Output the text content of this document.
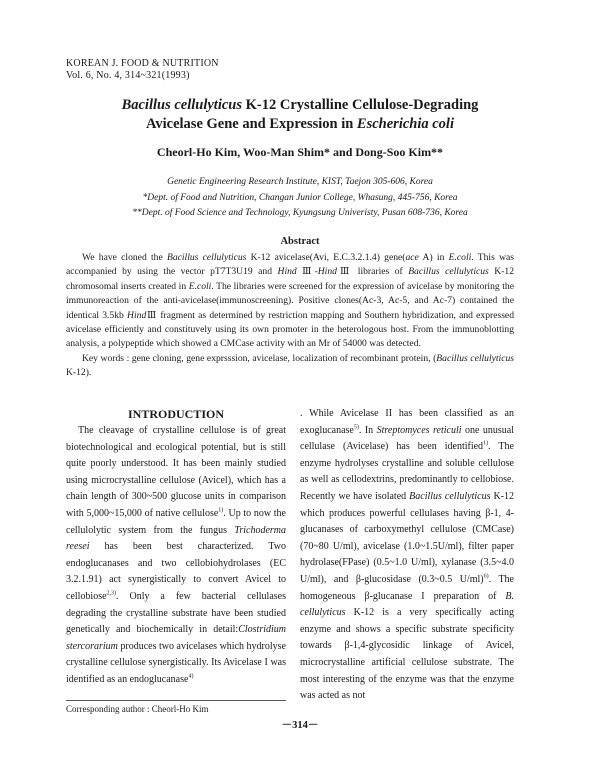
KOREAN J. FOOD & NUTRITION
Vol. 6, No. 4, 314~321(1993)
Bacillus cellulyticus K-12 Crystalline Cellulose-Degrading
Avicelase Gene and Expression in Escherichia coli
Cheorl-Ho Kim, Woo-Man Shim* and Dong-Soo Kim**
Genetic Engineering Research Institute, KIST, Taejon 305-606, Korea
*Dept. of Food and Nutrition, Changan Junior College, Whasung, 445-756, Korea
**Dept. of Food Science and Technology, Kyungsung Univeristy, Pusan 608-736, Korea
Abstract

We have cloned the Bacillus cellulyticus K-12 avicelase(Avi, E.C.3.2.1.4) gene(ace A) in E.coli. This was accompanied by using the vector pT7T3U19 and Hind Ⅲ-HindⅢ libraries of Bacillus cellulyticus K-12 chromosomal inserts created in E.coli. The libraries were screened for the expression of avicelase by monitoring the immunoreaction of the anti-avicelase(immunoscreening). Positive clones(Ac-3, Ac-5, and Ac-7) contained the identical 3.5kb HindⅢ fragment as determined by restriction mapping and Southern hybridization, and expressed avicelase efficiently and constituvely using its own promoter in the heterologous host. From the immunoblotting analysis, a polypeptide which showed a CMCase activity with an Mr of 54000 was detected.

Key words : gene cloning, gene exprsssion, avicelase, localization of recombinant protein, (Bacillus cellulyticus K-12).

INTRODUCTION

The cleavage of crystalline cellulose is of great biotechnological and ecological potential, but is still quite poorly understood. It has been mainly studied using microcrystalline cellulose (Avicel), which has a chain length of 300~500 glucose units in comparison with 5,000~15,000 of native cellulose$^{1)}$. Up to now the cellulolytic system from the fungus Trichoderma reesei has been best characterized. Two endoglucanases and two cellobiohydrolases (EC 3.2.1.91) act synergistically to convert Avicel to cellobiose$^{2,3)}$. Only a few bacterial cellulases degrading the crystalline substrate have been studied genetically and biochemically in detail:Clostridium stercorarium produces two avicelases which hydrolyse crystalline cellulose synergistically. Its Avicelase I was identified as an endoglucanase$^{4)}$

. While Avicelase II has been classified as an exoglucanase$^{5)}$. In Streptomyces reticuli one unusual cellulase (Avicelase) has been identified$^{1)}$. The enzyme hydrolyses crystalline and soluble cellulose as well as cellodextrins, predominantly to cellobiose. Recently we have isolated Bacillus cellulyticus K-12 which produces powerful cellulases having β-1, 4-glucanases of carboxymethyl cellulose (CMCase)(70~80 U/ml), avicelase (1.0~1.5U/ml), filter paper hydrolase(FPase) (0.5~1.0 U/ml), xylanase (3.5~4.0 U/ml), and β-glucosidase (0.3~0.5 U/ml)$^{6)}$. The homogeneous β-glucanase I preparation of B. cellulyticus K-12 is a very specifically acting enzyme and shows a specific substrate specificity towards β-1,4-glycosidic linkage of Avicel, microcrystalline artificial cellulose substrate. The most interesting of the enzyme was that the enzyme was acted as not

Corresponding author : Cheorl-Ho Kim
－314－
